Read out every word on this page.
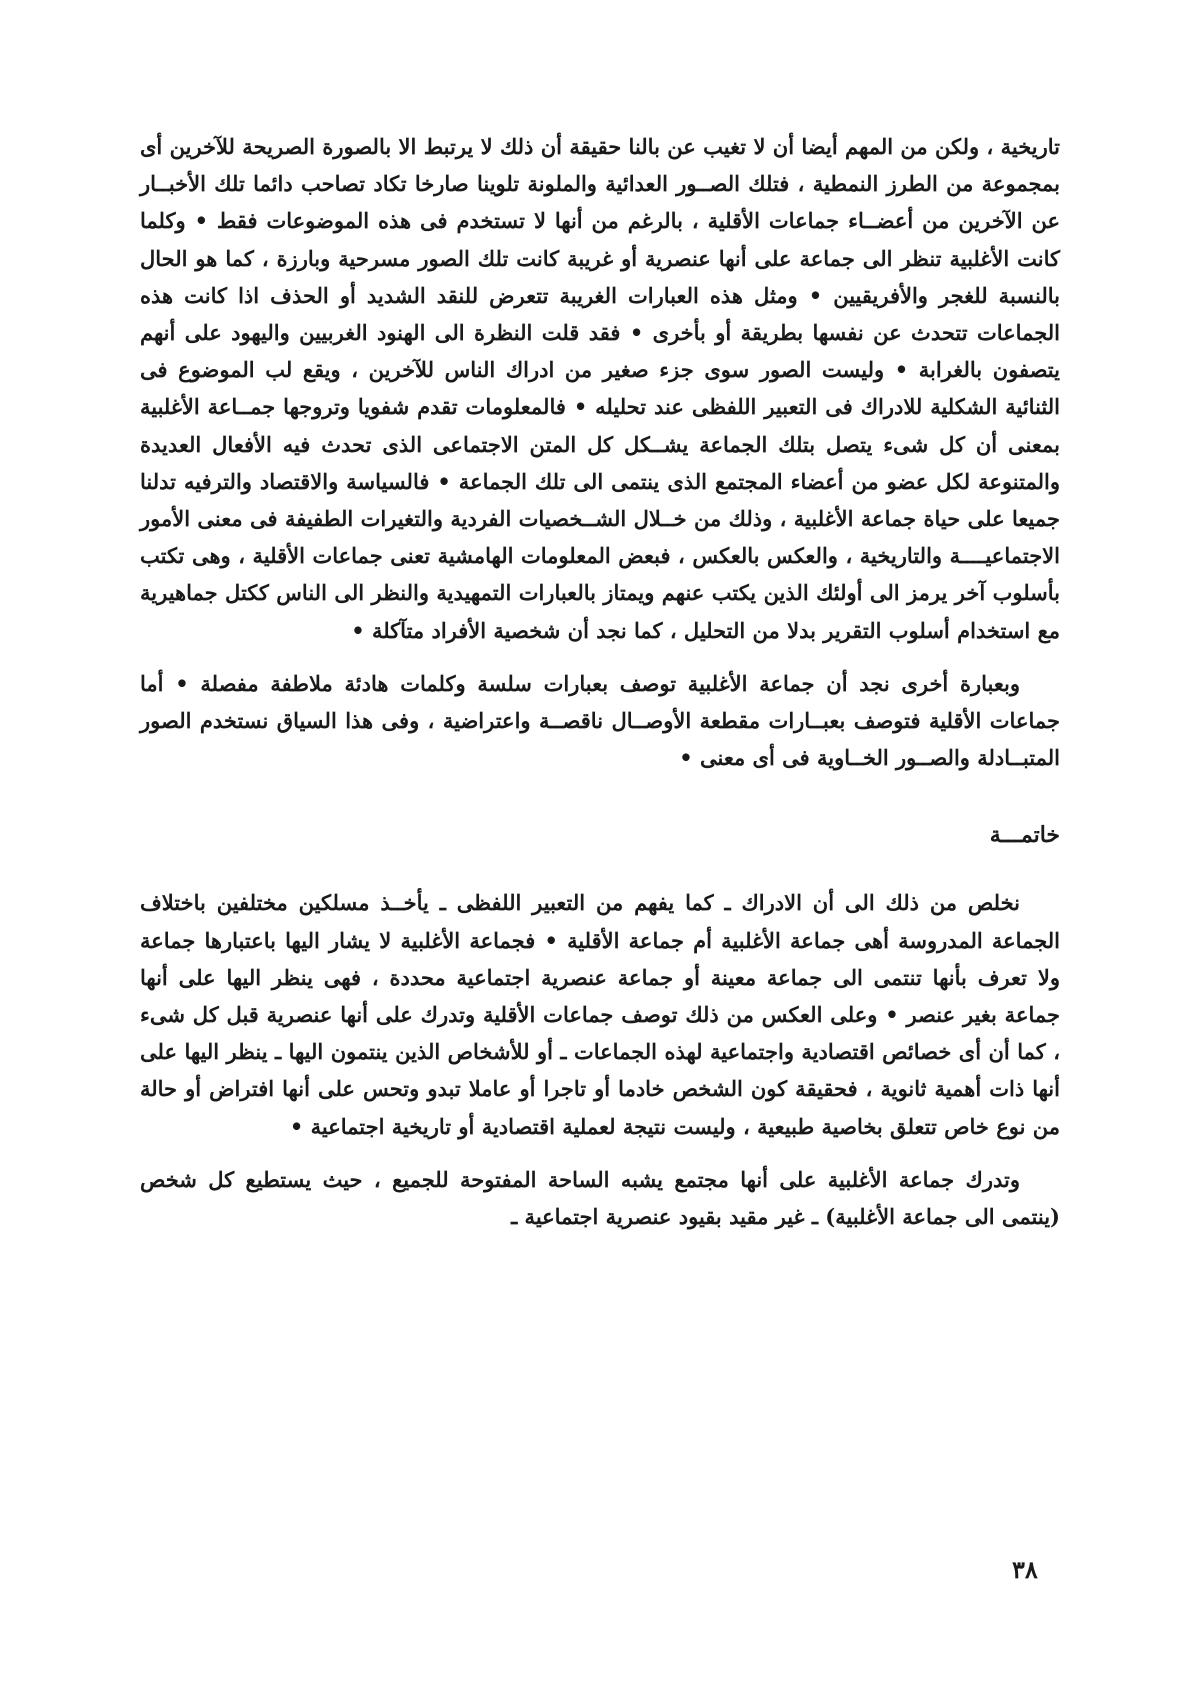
تاريخية ، ولكن من المهم أيضا أن لا تغيب عن بالنا حقيقة أن ذلك لا يرتبط الا بالصورة الصريحة للآخرين أى بمجموعة من الطرز النمطية ، فتلك الصــور العدائية والملونة تلوينا صارخا تكاد تصاحب دائما تلك الأخبــار عن الآخرين من أعضــاء جماعات الأقلية ، بالرغم من أنها لا تستخدم فى هذه الموضوعات فقط • وكلما كانت الأغلبية تنظر الى جماعة على أنها عنصرية أو غريبة كانت تلك الصور مسرحية وبارزة ، كما هو الحال بالنسبة للغجر والأفريقيين • ومثل هذه العبارات الغريبة تتعرض للنقد الشديد أو الحذف اذا كانت هذه الجماعات تتحدث عن نفسها بطريقة أو بأخرى • فقد قلت النظرة الى الهنود الغربيين واليهود على أنهم يتصفون بالغرابة • وليست الصور سوى جزء صغير من ادراك الناس للآخرين ، ويقع لب الموضوع فى الثنائية الشكلية للادراك فى التعبير اللفظى عند تحليله • فالمعلومات تقدم شفويا وتروجها جمــاعة الأغلبية بمعنى أن كل شىء يتصل بتلك الجماعة يشــكل كل المتن الاجتماعى الذى تحدث فيه الأفعال العديدة والمتنوعة لكل عضو من أعضاء المجتمع الذى ينتمى الى تلك الجماعة • فالسياسة والاقتصاد والترفيه تدلنا جميعا على حياة جماعة الأغلبية ، وذلك من خــلال الشــخصيات الفردية والتغيرات الطفيفة فى معنى الأمور الاجتماعيــــة والتاريخية ، والعكس بالعكس ، فبعض المعلومات الهامشية تعنى جماعات الأقلية ، وهى تكتب بأسلوب آخر يرمز الى أولئك الذين يكتب عنهم ويمتاز بالعبارات التمهيدية والنظر الى الناس ككتل جماهيرية مع استخدام أسلوب التقرير بدلا من التحليل ، كما نجد أن شخصية الأفراد متآكلة •

وبعبارة أخرى نجد أن جماعة الأغلبية توصف بعبارات سلسة وكلمات هادئة ملاطفة مفصلة • أما جماعات الأقلية فتوصف بعبــارات مقطعة الأوصــال ناقصــة واعتراضية ، وفى هذا السياق نستخدم الصور المتبــادلة والصــور الخــاوية فى أى معنى •

خاتمـــة

نخلص من ذلك الى أن الادراك ـ كما يفهم من التعبير اللفظى ـ يأخــذ مسلكين مختلفين باختلاف الجماعة المدروسة أهى جماعة الأغلبية أم جماعة الأقلية • فجماعة الأغلبية لا يشار اليها باعتبارها جماعة ولا تعرف بأنها تنتمى الى جماعة معينة أو جماعة عنصرية اجتماعية محددة ، فهى ينظر اليها على أنها جماعة بغير عنصر • وعلى العكس من ذلك توصف جماعات الأقلية وتدرك على أنها عنصرية قبل كل شىء ، كما أن أى خصائص اقتصادية واجتماعية لهذه الجماعات ـ أو للأشخاص الذين ينتمون اليها ـ ينظر اليها على أنها ذات أهمية ثانوية ، فحقيقة كون الشخص خادما أو تاجرا أو عاملا تبدو وتحس على أنها افتراض أو حالة من نوع خاص تتعلق بخاصية طبيعية ، وليست نتيجة لعملية اقتصادية أو تاريخية اجتماعية •

وتدرك جماعة الأغلبية على أنها مجتمع يشبه الساحة المفتوحة للجميع ، حيث يستطيع كل شخص (ينتمى الى جماعة الأغلبية) ـ غير مقيد بقيود عنصرية اجتماعية ـ

٣٨
